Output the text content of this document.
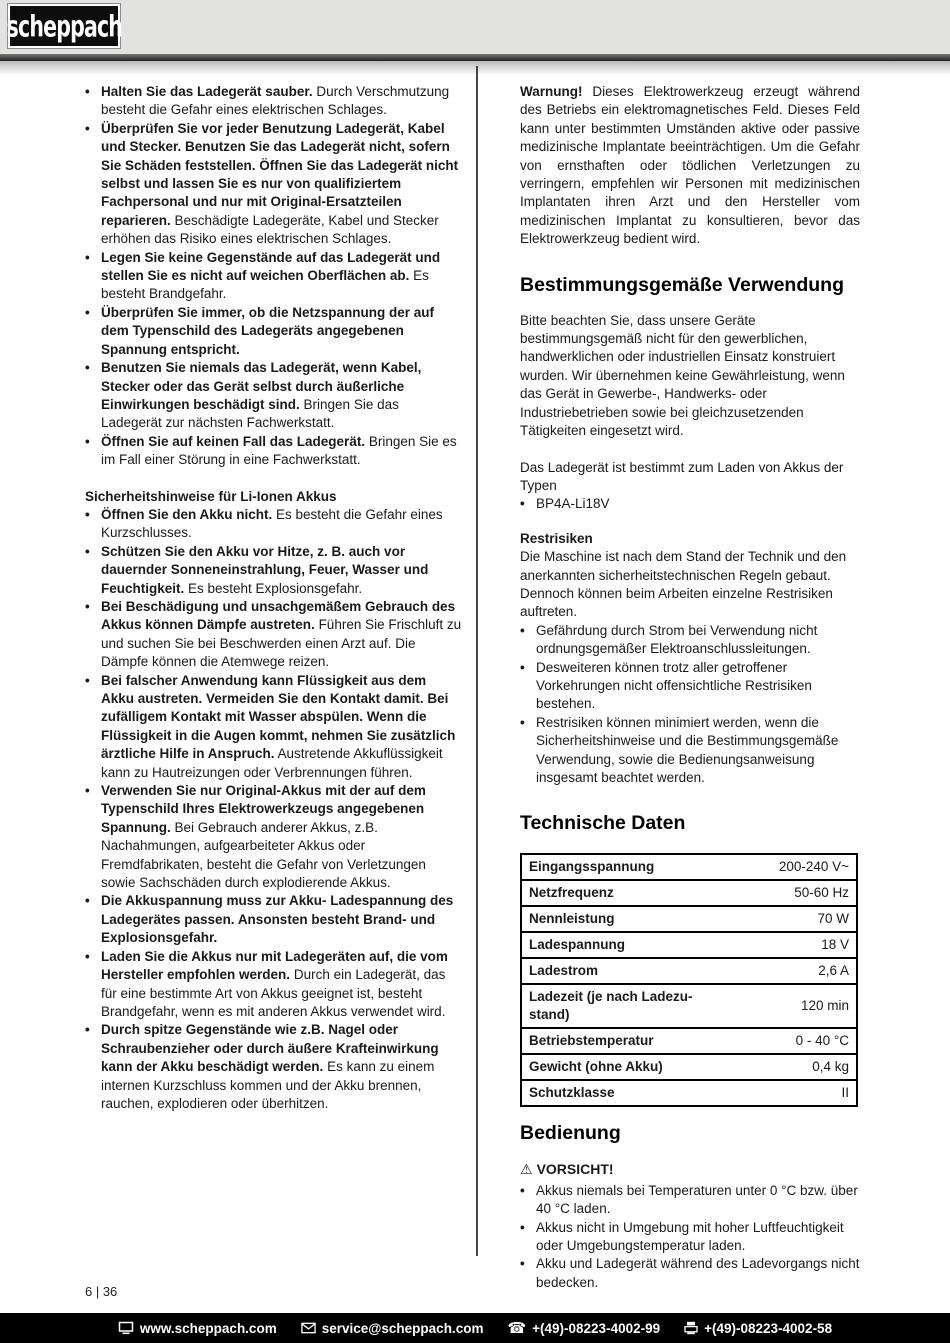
scheppach
•
Halten Sie das Ladegerät sauber. Durch Verschmutzung besteht die Gefahr eines elektrischen Schlages.
•
Überprüfen Sie vor jeder Benutzung Ladegerät, Kabel und Stecker. Benutzen Sie das Ladegerät nicht, sofern Sie Schäden feststellen. Öffnen Sie das Ladegerät nicht selbst und lassen Sie es nur von qualifiziertem Fachpersonal und nur mit Original-Ersatzteilen reparieren. Beschädigte Ladegeräte, Kabel und Stecker erhöhen das Risiko eines elektrischen Schlages.
•
Legen Sie keine Gegenstände auf das Ladegerät und stellen Sie es nicht auf weichen Oberflächen ab. Es besteht Brandgefahr.
•
Überprüfen Sie immer, ob die Netzspannung der auf dem Typenschild des Ladegeräts angegebenen Spannung entspricht.
•
Benutzen Sie niemals das Ladegerät, wenn Kabel, Stecker oder das Gerät selbst durch äußerliche Einwirkungen beschädigt sind. Bringen Sie das Ladegerät zur nächsten Fachwerkstatt.
•
Öffnen Sie auf keinen Fall das Ladegerät. Bringen Sie es im Fall einer Störung in eine Fachwerkstatt.
Sicherheitshinweise für Li-Ionen Akkus
•
Öffnen Sie den Akku nicht. Es besteht die Gefahr eines Kurzschlusses.
•
Schützen Sie den Akku vor Hitze, z. B. auch vor dauernder Sonneneinstrahlung, Feuer, Wasser und Feuchtigkeit. Es besteht Explosionsgefahr.
•
Bei Beschädigung und unsachgemäßem Gebrauch des Akkus können Dämpfe austreten. Führen Sie Frischluft zu und suchen Sie bei Beschwerden einen Arzt auf. Die Dämpfe können die Atemwege reizen.
•
Bei falscher Anwendung kann Flüssigkeit aus dem Akku austreten. Vermeiden Sie den Kontakt damit. Bei zufälligem Kontakt mit Wasser abspülen. Wenn die Flüssigkeit in die Augen kommt, nehmen Sie zusätzlich ärztliche Hilfe in Anspruch. Austretende Akkuflüssigkeit kann zu Hautreizungen oder Verbrennungen führen.
•
Verwenden Sie nur Original-Akkus mit der auf dem Typenschild Ihres Elektrowerkzeugs angegebenen Spannung. Bei Gebrauch anderer Akkus, z.B. Nachahmungen, aufgearbeiteter Akkus oder Fremdfabrikaten, besteht die Gefahr von Verletzungen sowie Sachschäden durch explodierende Akkus.
•
Die Akkuspannung muss zur Akku- Ladespannung des Ladegerätes passen. Ansonsten besteht Brand- und Explosionsgefahr.
•
Laden Sie die Akkus nur mit Ladegeräten auf, die vom Hersteller empfohlen werden. Durch ein Ladegerät, das für eine bestimmte Art von Akkus geeignet ist, besteht Brandgefahr, wenn es mit anderen Akkus verwendet wird.
•
Durch spitze Gegenstände wie z.B. Nagel oder Schraubenzieher oder durch äußere Krafteinwirkung kann der Akku beschädigt werden. Es kann zu einem internen Kurzschluss kommen und der Akku brennen, rauchen, explodieren oder überhitzen.

Warnung! Dieses Elektrowerkzeug erzeugt während des Betriebs ein elektromagnetisches Feld. Dieses Feld kann unter bestimmten Umständen aktive oder passive medizinische Implantate beeinträchtigen. Um die Gefahr von ernsthaften oder tödlichen Verletzungen zu verringern, empfehlen wir Personen mit medizinischen Implantaten ihren Arzt und den Hersteller vom medizinischen Implantat zu konsultieren, bevor das Elektrowerkzeug bedient wird.

Bestimmungsgemäße Verwendung

Bitte beachten Sie, dass unsere Geräte bestimmungsgemäß nicht für den gewerblichen, handwerklichen oder industriellen Einsatz konstruiert wurden. Wir übernehmen keine Gewährleistung, wenn das Gerät in Gewerbe-, Handwerks- oder Industriebetrieben sowie bei gleichzusetzenden Tätigkeiten eingesetzt wird.

Das Ladegerät ist bestimmt zum Laden von Akkus der Typen

•
BP4A-Li18V
Restrisiken

Die Maschine ist nach dem Stand der Technik und den anerkannten sicherheitstechnischen Regeln gebaut. Dennoch können beim Arbeiten einzelne Restrisiken auftreten.

•
Gefährdung durch Strom bei Verwendung nicht ordnungsgemäßer Elektroanschlussleitungen.
•
Desweiteren können trotz aller getroffener Vorkehrungen nicht offensichtliche Restrisiken bestehen.
•
Restrisiken können minimiert werden, wenn die Sicherheitshinweise und die Bestimmungsgemäße Verwendung, sowie die Bedienungsanweisung insgesamt beachtet werden.
Technische Daten
Eingangsspannung	200-240 V~
Netzfrequenz	50-60 Hz
Nennleistung	70 W
Ladespannung	18 V
Ladestrom	2,6 A
Ladezeit (je nach Ladezu-stand)	120 min
Betriebstemperatur	0 - 40 °C
Gewicht (ohne Akku)	0,4 kg
Schutzklasse	II
Bedienung

⚠ VORSICHT!

•
Akkus niemals bei Temperaturen unter 0 °C bzw. über 40 °C laden.
•
Akkus nicht in Umgebung mit hoher Luftfeuchtigkeit oder Umgebungstemperatur laden.
•
Akku und Ladegerät während des Ladevorgangs nicht bedecken.
6 | 36
www.scheppach.com	service@scheppach.com ☎ +(49)-08223-4002-99	+(49)-08223-4002-58
